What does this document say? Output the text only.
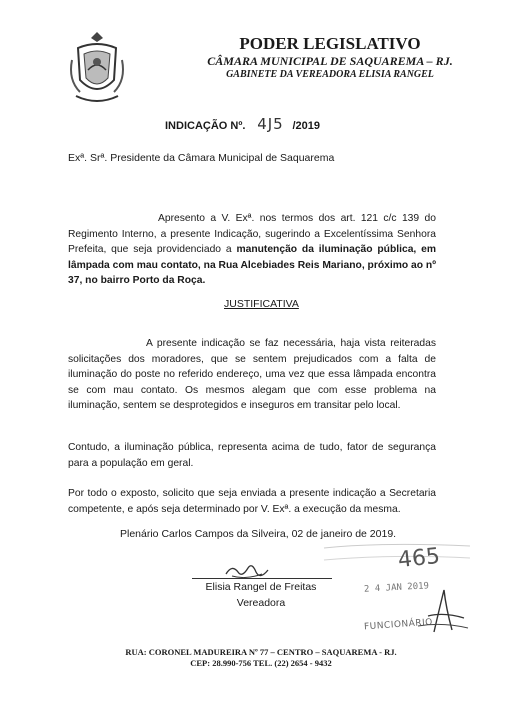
PODER LEGISLATIVO
CÂMARA MUNICIPAL DE SAQUAREMA – RJ.
GABINETE DA VEREADORA ELISIA RANGEL
INDICAÇÃO Nº. 4J5 /2019
Exª. Srª. Presidente da Câmara Municipal de Saquarema
Apresento a V. Exª. nos termos dos art. 121 c/c 139 do Regimento Interno, a presente Indicação, sugerindo a Excelentíssima Senhora Prefeita, que seja providenciado a manutenção da iluminação pública, em lâmpada com mau contato, na Rua Alcebiades Reis Mariano, próximo ao nº 37, no bairro Porto da Roça.
JUSTIFICATIVA
A presente indicação se faz necessária, haja vista reiteradas solicitações dos moradores, que se sentem prejudicados com a falta de iluminação do poste no referido endereço, uma vez que essa lâmpada encontra se com mau contato. Os mesmos alegam que com esse problema na iluminação, sentem se desprotegidos e inseguros em transitar pelo local.
Contudo, a iluminação pública, representa acima de tudo, fator de segurança para a população em geral.
Por todo o exposto, solicito que seja enviada a presente indicação a Secretaria competente, e após seja determinado por V. Exª. a execução da mesma.
Plenário Carlos Campos da Silveira, 02 de janeiro de 2019.
Elisia Rangel de Freitas
Vereadora
465
2 4 JAN 2019
FUNCIONÁRIO
RUA: CORONEL MADUREIRA Nº 77 – CENTRO – SAQUAREMA - RJ.
CEP: 28.990-756 TEL. (22) 2654 - 9432
